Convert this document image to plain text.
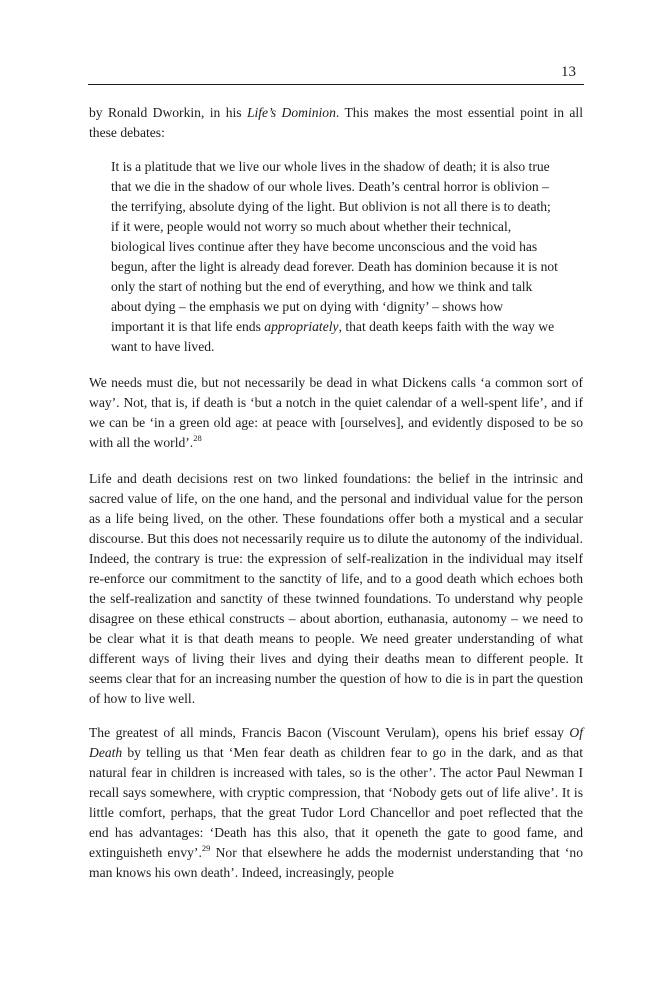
13

by Ronald Dworkin, in his Life’s Dominion. This makes the most essential point in all these debates:

It is a platitude that we live our whole lives in the shadow of death; it is also true that we die in the shadow of our whole lives. Death’s central horror is oblivion – the terrifying, absolute dying of the light. But oblivion is not all there is to death; if it were, people would not worry so much about whether their technical, biological lives continue after they have become unconscious and the void has begun, after the light is already dead forever. Death has dominion because it is not only the start of nothing but the end of everything, and how we think and talk about dying – the emphasis we put on dying with ‘dignity’ – shows how important it is that life ends appropriately, that death keeps faith with the way we want to have lived.

We needs must die, but not necessarily be dead in what Dickens calls ‘a common sort of way’. Not, that is, if death is ‘but a notch in the quiet calendar of a well-spent life’, and if we can be ‘in a green old age: at peace with [ourselves], and evidently disposed to be so with all the world’.$^{28}$

Life and death decisions rest on two linked foundations: the belief in the intrinsic and sacred value of life, on the one hand, and the personal and individual value for the person as a life being lived, on the other. These foundations offer both a mystical and a secular discourse. But this does not necessarily require us to dilute the autonomy of the individual. Indeed, the contrary is true: the expression of self-realization in the individual may itself re-enforce our commitment to the sanctity of life, and to a good death which echoes both the self-realization and sanctity of these twinned foundations. To understand why people disagree on these ethical constructs – about abortion, euthanasia, autonomy – we need to be clear what it is that death means to people. We need greater understanding of what different ways of living their lives and dying their deaths mean to different people. It seems clear that for an increasing number the question of how to die is in part the question of how to live well.

The greatest of all minds, Francis Bacon (Viscount Verulam), opens his brief essay Of Death by telling us that ‘Men fear death as children fear to go in the dark, and as that natural fear in children is increased with tales, so is the other’. The actor Paul Newman I recall says somewhere, with cryptic compression, that ‘Nobody gets out of life alive’. It is little comfort, perhaps, that the great Tudor Lord Chancellor and poet reflected that the end has advantages: ‘Death has this also, that it openeth the gate to good fame, and extinguisheth envy’.$^{29}$ Nor that elsewhere he adds the modernist understanding that ‘no man knows his own death’. Indeed, increasingly, people
